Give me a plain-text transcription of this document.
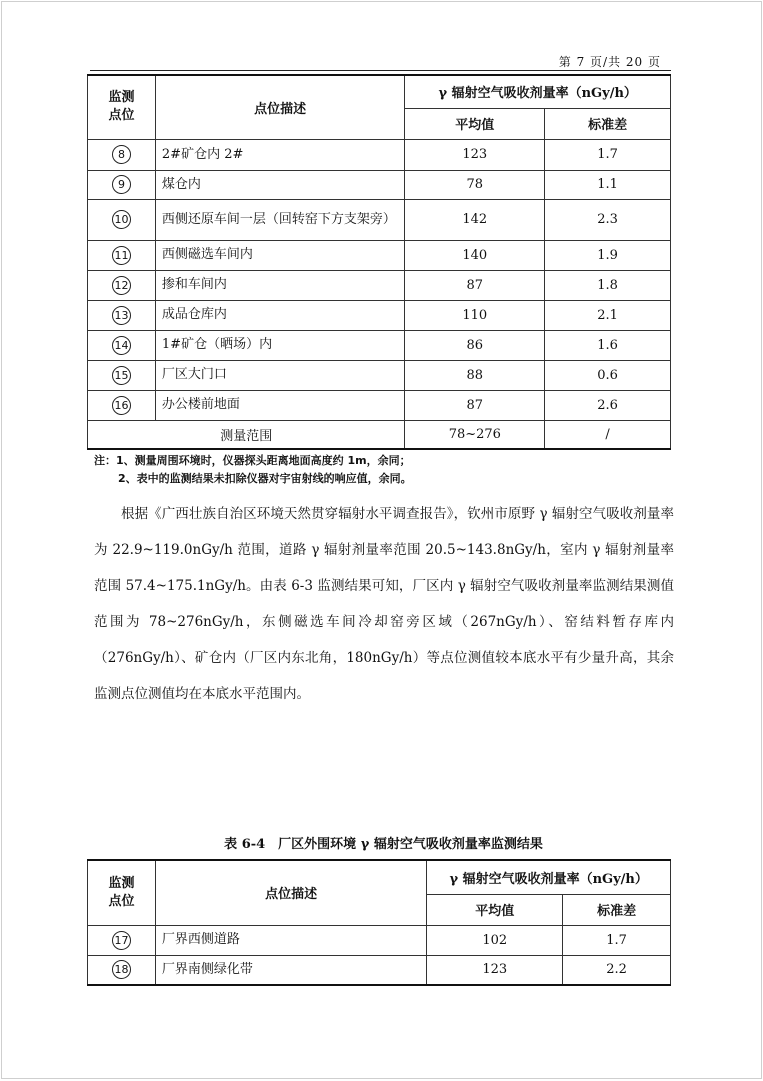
第 7 页/共 20 页
监测
点位	点位描述	γ 辐射空气吸收剂量率（nGy/h）	
		平均值	标准差
8	2#矿仓内 2#	123	1.7
9	煤仓内	78	1.1
10	西侧还原车间一层（回转窑下方支架旁）	142	2.3
11	西侧磁选车间内	140	1.9
12	掺和车间内	87	1.8
13	成品仓库内	110	2.1
14	1#矿仓（晒场）内	86	1.6
15	厂区大门口	88	0.6
16	办公楼前地面	87	2.6
测量范围		78~276	/
注：1、测量周围环境时，仪器探头距离地面高度约 1m，余同；
2、表中的监测结果未扣除仪器对宇宙射线的响应值，余同。

根据《广西壮族自治区环境天然贯穿辐射水平调查报告》，钦州市原野 γ 辐射空气吸收剂量率为 22.9~119.0nGy/h 范围，道路 γ 辐射剂量率范围 20.5~143.8nGy/h，室内 γ 辐射剂量率范围 57.4~175.1nGy/h。由表 6-3 监测结果可知，厂区内 γ 辐射空气吸收剂量率监测结果测值范围为 78~276nGy/h，东侧磁选车间冷却窑旁区域（267nGy/h）、窑结料暂存库内（276nGy/h）、矿仓内（厂区内东北角，180nGy/h）等点位测值较本底水平有少量升高，其余监测点位测值均在本底水平范围内。

表 6-4　厂区外围环境 γ 辐射空气吸收剂量率监测结果
监测
点位	点位描述	γ 辐射空气吸收剂量率（nGy/h）	
		平均值	标准差
17	厂界西侧道路	102	1.7
18	厂界南侧绿化带	123	2.2
